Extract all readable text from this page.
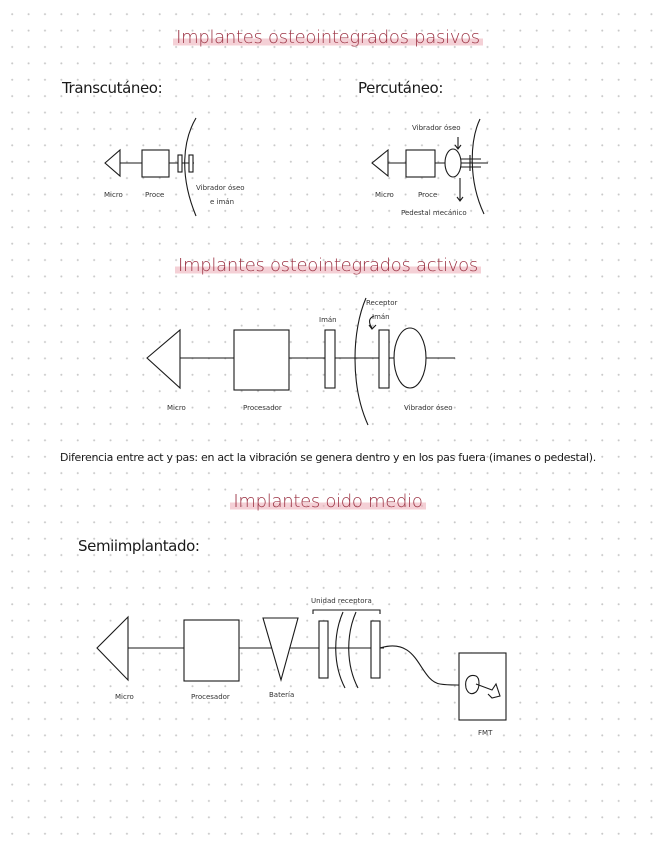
Implantes osteointegrados pasivos
Transcutáneo:	Percutáneo:
Implantes osteointegrados activos
Diferencia entre act y pas: en act la vibración se genera dentro y en los pas fuera (imanes o pedestal).
Implantes oido medio
Semiimplantado:
Micro	Proce
Vibrador óseo
e imán
Vibrador óseo
Micro	Proce
Pedestal mecánico
Micro	Procesador
Imán
Receptor
Imán
Vibrador óseo
Unidad receptora
Micro	Procesador	Batería
FMT
